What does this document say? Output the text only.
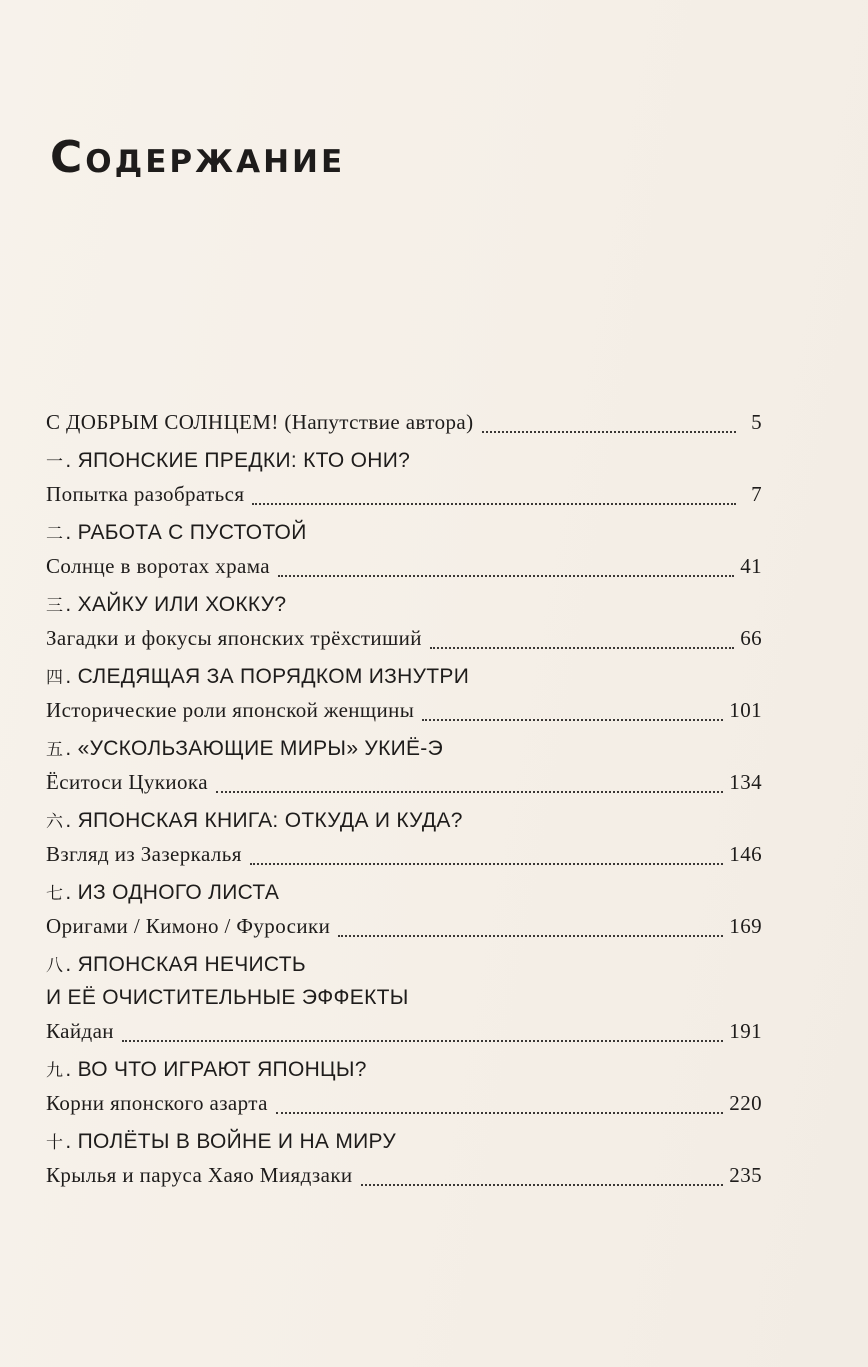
Содержание
С ДОБРЫМ СОЛНЦЕМ! (Напутствие автора)	5
一 . ЯПОНСКИЕ ПРЕДКИ: КТО ОНИ?
Попытка разобраться	7
二 . РАБОТА С ПУСТОТОЙ
Солнце в воротах храма	41
三 . ХАЙКУ ИЛИ ХОККУ?
Загадки и фокусы японских трёхстиший	66
四 . СЛЕДЯЩАЯ ЗА ПОРЯДКОМ ИЗНУТРИ
Исторические роли японской женщины	101
五 . «УСКОЛЬЗАЮЩИЕ МИРЫ» УКИЁ-Э
Ёситоси Цукиока	134
六 . ЯПОНСКАЯ КНИГА: ОТКУДА И КУДА?
Взгляд из Зазеркалья	146
七 . ИЗ ОДНОГО ЛИСТА
Оригами / Кимоно / Фуросики	169
八 . ЯПОНСКАЯ НЕЧИСТЬ
И ЕЁ ОЧИСТИТЕЛЬНЫЕ ЭФФЕКТЫ
Кайдан	191
九 . ВО ЧТО ИГРАЮТ ЯПОНЦЫ?
Корни японского азарта	220
十 . ПОЛЁТЫ В ВОЙНЕ И НА МИРУ
Крылья и паруса Хаяо Миядзаки	235
